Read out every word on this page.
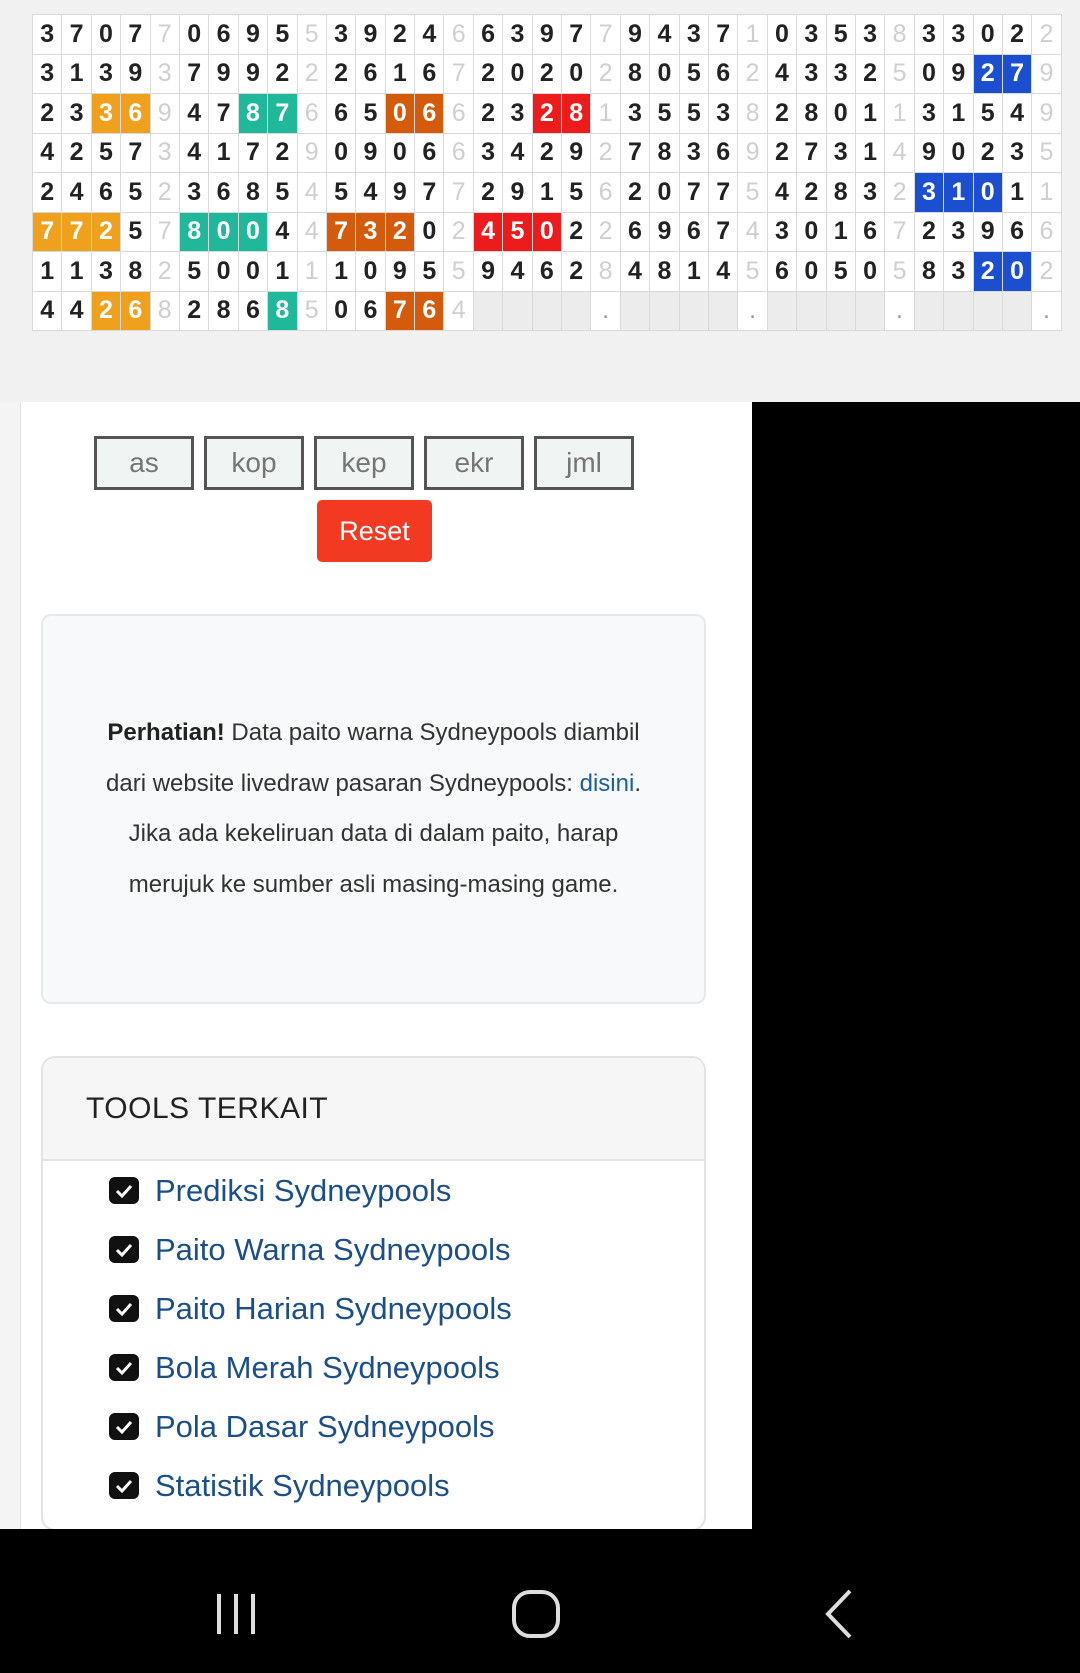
3	7	0	7	7	0	6	9	5	5	3	9	2	4	6	6	3	9	7	7	9	4	3	7	1	0	3	5	3	8	3	3	0	2	2
3	1	3	9	3	7	9	9	2	2	2	6	1	6	7	2	0	2	0	2	8	0	5	6	2	4	3	3	2	5	0	9	2	7	9
2	3	3	6	9	4	7	8	7	6	6	5	0	6	6	2	3	2	8	1	3	5	5	3	8	2	8	0	1	1	3	1	5	4	9
4	2	5	7	3	4	1	7	2	9	0	9	0	6	6	3	4	2	9	2	7	8	3	6	9	2	7	3	1	4	9	0	2	3	5
2	4	6	5	2	3	6	8	5	4	5	4	9	7	7	2	9	1	5	6	2	0	7	7	5	4	2	8	3	2	3	1	0	1	1
7	7	2	5	7	8	0	0	4	4	7	3	2	0	2	4	5	0	2	2	6	9	6	7	4	3	0	1	6	7	2	3	9	6	6
1	1	3	8	2	5	0	0	1	1	1	0	9	5	5	9	4	6	2	8	4	8	1	4	5	6	0	5	0	5	8	3	2	0	2
4	4	2	6	8	2	8	6	8	5	0	6	7	6	4					.					.					.					.
as
kop
kep
ekr
jml
Reset
Perhatian! Data paito warna Sydneypools diambil dari website livedraw pasaran Sydneypools: disini. Jika ada kekeliruan data di dalam paito, harap merujuk ke sumber asli masing-masing game.
TOOLS TERKAIT
Prediksi Sydneypools
Paito Warna Sydneypools
Paito Harian Sydneypools
Bola Merah Sydneypools
Pola Dasar Sydneypools
Statistik Sydneypools
